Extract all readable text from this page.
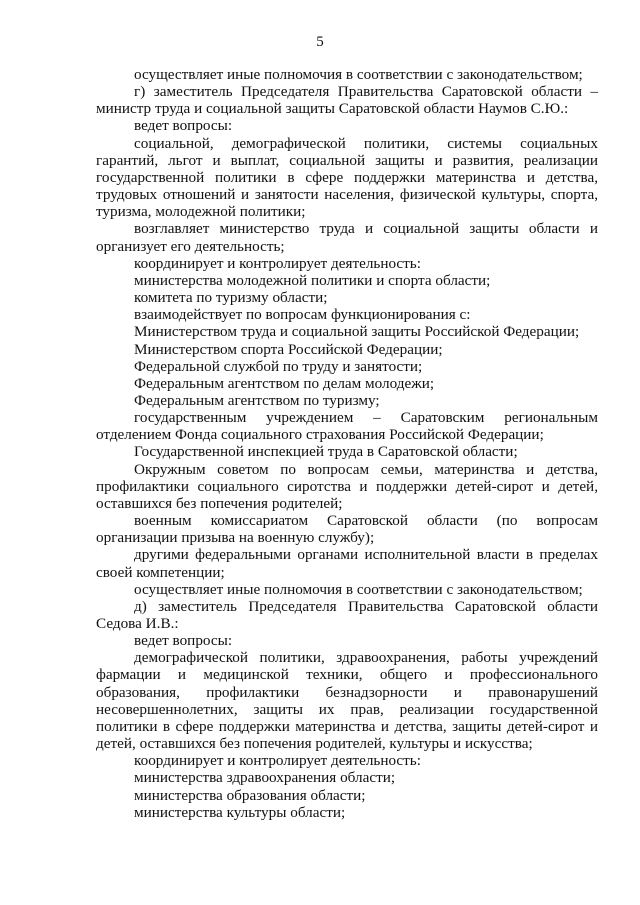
5

осуществляет иные полномочия в соответствии с законодательством;

г) заместитель Председателя Правительства Саратовской области – министр труда и социальной защиты Саратовской области Наумов С.Ю.:

ведет вопросы:

социальной, демографической политики, системы социальных гарантий, льгот и выплат, социальной защиты и развития, реализации государственной политики в сфере поддержки материнства и детства, трудовых отношений и занятости населения, физической культуры, спорта, туризма, молодежной политики;

возглавляет министерство труда и социальной защиты области и организует его деятельность;

координирует и контролирует деятельность:

министерства молодежной политики и спорта области;

комитета по туризму области;

взаимодействует по вопросам функционирования с:

Министерством труда и социальной защиты Российской Федерации;

Министерством спорта Российской Федерации;

Федеральной службой по труду и занятости;

Федеральным агентством по делам молодежи;

Федеральным агентством по туризму;

государственным учреждением – Саратовским региональным отделением Фонда социального страхования Российской Федерации;

Государственной инспекцией труда в Саратовской области;

Окружным советом по вопросам семьи, материнства и детства, профилактики социального сиротства и поддержки детей-сирот и детей, оставшихся без попечения родителей;

военным комиссариатом Саратовской области (по вопросам организации призыва на военную службу);

другими федеральными органами исполнительной власти в пределах своей компетенции;

осуществляет иные полномочия в соответствии с законодательством;

д) заместитель Председателя Правительства Саратовской области Седова И.В.:

ведет вопросы:

демографической политики, здравоохранения, работы учреждений фармации и медицинской техники, общего и профессионального образования, профилактики безнадзорности и правонарушений несовершеннолетних, защиты их прав, реализации государственной политики в сфере поддержки материнства и детства, защиты детей-сирот и детей, оставшихся без попечения родителей, культуры и искусства;

координирует и контролирует деятельность:

министерства здравоохранения области;

министерства образования области;

министерства культуры области;
